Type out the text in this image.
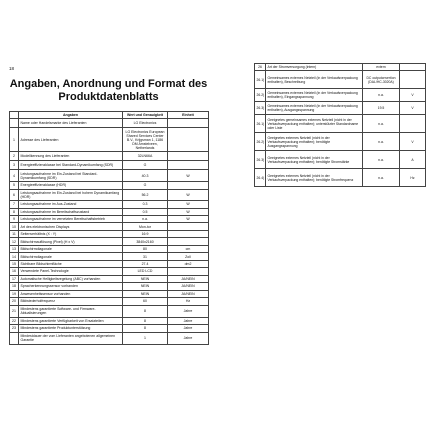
18
Angaben, Anordnung und Format des Produktdatenblatts
	Angaben	Wert und Genauigkeit	Einheit
	Name oder Handelsmarke des Lieferanten	LG Electronics	
1	Adresse des Lieferanten	LG Electronics European Shared Services Center B.V., Krijgsman 1, 1186 DM Amstelveen, Netherlands	
2	Modellkennung des Lieferanten	32LN66A	
3	Energieeffizienzklasse bei Standard-Dynamikumfang (SDR)	G	
4	Leistungsaufnahme im Ein-Zustand bei Standard-Dynamikumfang (SDR)	40.3	W
5	Energieeffizienzklasse (HDR)	G	
6	Leistungsaufnahme im Ein-Zustand bei hohem Dynamikumfang (HDR)	56.2	W
7	Leistungsaufnahme im Aus-Zustand	0.3	W
8	Leistungsaufnahme im Bereitschaftszustand	0.5	W
9	Leistungsaufnahme im vernetzten Bereitschaftsbetrieb	n.a.	W
10	Art des elektronischen Displays	Mon-tor	
11	Seitenverhältnis (X : Y)	16:9	
12	Bildschirmauflösung (Pixel) (H x V)	3840x2160	
13	Bildschirmdiagonale	80	cm
14	Bildschirmdiagonale	31	Zoll
15	Sichtbare Bildschirmfläche	27.4	dm2
16	Verwendete Panel-Technologie	LED LCD	
17	Automatische Helligkeitsregelung (ABC) vorhanden	NEIN	JA/NEIN
18	Spracherkennungssensor vorhanden	NEIN	JA/NEIN
19	Anwesenheitssensor vorhanden	NEIN	JA/NEIN
20	Bildwiederholfrequenz	60	Hz
21	Mindestens garantierte Software- und Firmware-Aktualisierungen	8	Jahre
22	Mindestens garantierte Verfügbarkeit von Ersatzteilen	8	Jahre
23	Mindestens garantierte Produktunterstützung	8	Jahre
	Mindestdauer der vom Lieferanten angebotenen allgemeinen Garantie	1	Jahre
26	Art der Stromversorgung (intern)	extern	
26.1)	Gemeinsames externes Netzteil (in der Verkaufsverpackung enthalten), Beschreibung	DC outputcnvertion (DAL/HC-3020A)	
26.2)	Gemeinsames externes Netzteil (in der Verkaufsverpackung enthalten), Eingangsspannung	n.a.	V
26.3)	Gemeinsames externes Netzteil (in der Verkaufsverpackung enthalten), Ausgangsspannung	19.5	V
26.1)	Geeignetes gemeinsames externes Netzteil (nicht in der Verkaufsverpackung enthalten); unterstützter Standardname oder Liste	n.a.	
26.2)	Geeignetes externes Netzteil (nicht in der Verkaufsverpackung enthalten); benötigte Ausgangsspannung	n.a.	V
26.3)	Geeignetes externes Netzteil (nicht in der Verkaufsverpackung enthalten); benötigte Stromstärke	n.a.	A
26.4)	Geeignetes externes Netzteil (nicht in der Verkaufsverpackung enthalten); benötigte Stromfrequenz	n.a.	Hz
